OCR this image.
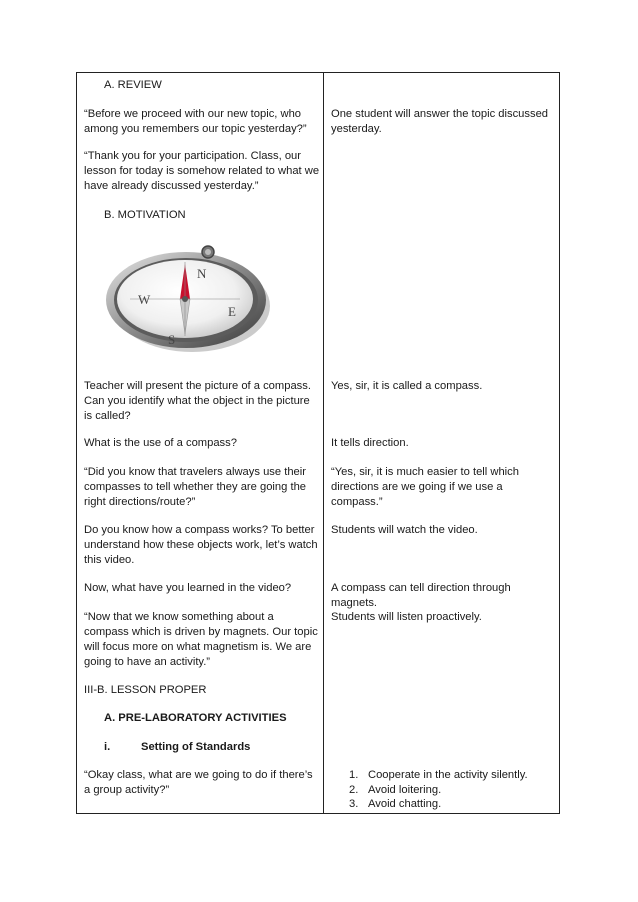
A. REVIEW
“Before we proceed with our new topic, who among you remembers our topic yesterday?”
“Thank you for your participation. Class, our lesson for today is somehow related to what we have already discussed yesterday.”
B. MOTIVATION
N
W
E
S
Teacher will present the picture of a compass. Can you identify what the object in the picture is called?
What is the use of a compass?
“Did you know that travelers always use their compasses to tell whether they are going the right directions/route?”
Do you know how a compass works? To better understand how these objects work, let’s watch this video.
Now, what have you learned in the video?
“Now that we know something about a compass which is driven by magnets. Our topic will focus more on what magnetism is. We are going to have an activity.”
III-B. LESSON PROPER
A. PRE-LABORATORY ACTIVITIES
i.	Setting of Standards
“Okay class, what are we going to do if there’s a group activity?”
One student will answer the topic discussed yesterday.
Yes, sir, it is called a compass.
It tells direction.
“Yes, sir, it is much easier to tell which directions are we going if we use a compass.”
Students will watch the video.
A compass can tell direction through magnets.
Students will listen proactively.
1. Cooperate in the activity silently.
2. Avoid loitering.
3. Avoid chatting.
